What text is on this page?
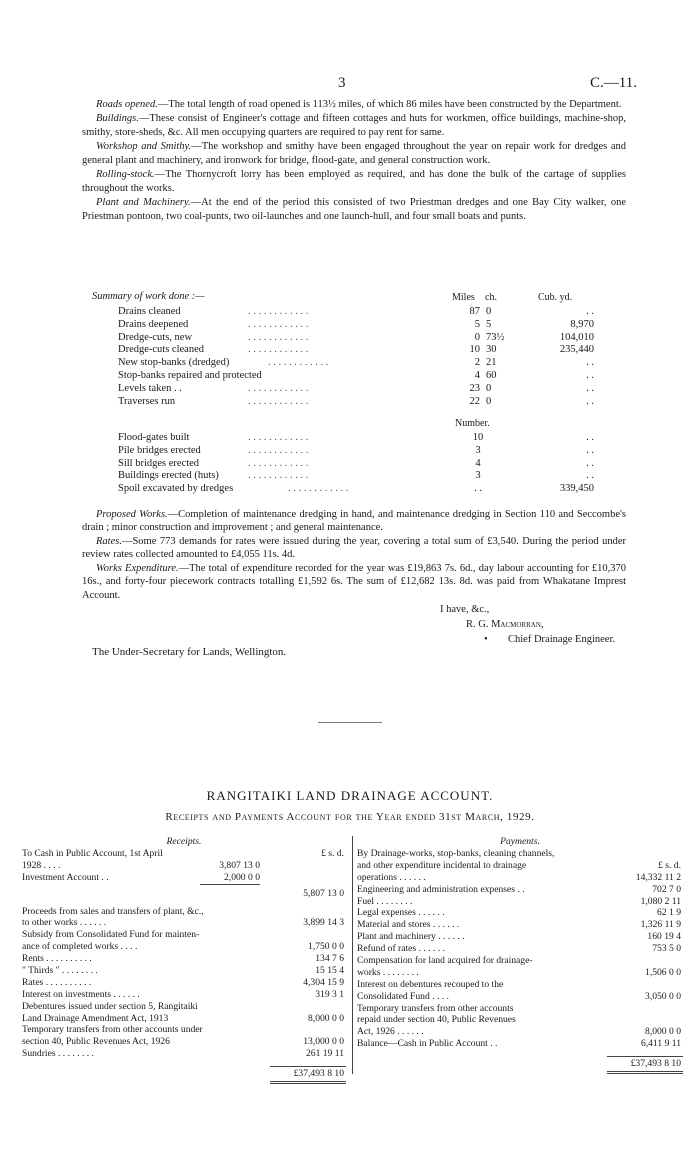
3	C.—11.

Roads opened.—The total length of road opened is 113½ miles, of which 86 miles have been constructed by the Department.

Buildings.—These consist of Engineer's cottage and fifteen cottages and huts for workmen, office buildings, machine-shop, smithy, store-sheds, &c. All men occupying quarters are required to pay rent for same.

Workshop and Smithy.—The workshop and smithy have been engaged throughout the year on repair work for dredges and general plant and machinery, and ironwork for bridge, flood-gate, and general construction work.

Rolling-stock.—The Thornycroft lorry has been employed as required, and has done the bulk of the cartage of supplies throughout the works.

Plant and Machinery.—At the end of the period this consisted of two Priestman dredges and one Bay City walker, one Priestman pontoon, two coal-punts, two oil-launches and one launch-hull, and four small boats and punts.

Summary of work done :—	Miles ch.	Cub. yd.
Drains cleaned	. . . . . . . . . . . .	87 0	. .
Drains deepened	. . . . . . . . . . . .	5 5	8,970
Dredge-cuts, new	. . . . . . . . . . . .	0 73½	104,010
Dredge-cuts cleaned	. . . . . . . . . . . .	10 30	235,440
New stop-banks (dredged)	. . . . . . . . . . . .	2 21	. .
Stop-banks repaired and protected	4 60	. .
Levels taken . .	. . . . . . . . . . . .	23 0	. .
Traverses run	. . . . . . . . . . . .	22 0	. .
Number.
Flood-gates built	. . . . . . . . . . . .	10	. .
Pile bridges erected	. . . . . . . . . . . .	3	. .
Sill bridges erected	. . . . . . . . . . . .	4	. .
Buildings erected (huts)	. . . . . . . . . . . .	3	. .
Spoil excavated by dredges	. . . . . . . . . . . .	. .	339,450

Proposed Works.—Completion of maintenance dredging in hand, and maintenance dredging in Section 110 and Seccombe's drain ; minor construction and improvement ; and general maintenance.

Rates.—Some 773 demands for rates were issued during the year, covering a total sum of £3,540. During the period under review rates collected amounted to £4,055 11s. 4d.

Works Expenditure.—The total of expenditure recorded for the year was £19,863 7s. 6d., day labour accounting for £10,370 16s., and forty-four piecework contracts totalling £1,592 6s. The sum of £12,682 13s. 8d. was paid from Whakatane Imprest Account.

I have, &c.,
R. G. Macmorran,
• Chief Drainage Engineer.
The Under-Secretary for Lands, Wellington.
RANGITAIKI LAND DRAINAGE ACCOUNT.
Receipts and Payments Account for the Year ended 31st March, 1929.
Receipts.
To Cash in Public Account, 1st April	£ s. d.
1928 . . . .	3,807 13 0
Investment Account . .	2,000 0 0
5,807 13 0
Proceeds from sales and transfers of plant, &c.,
to other works . . . . . .	3,899 14 3
Subsidy from Consolidated Fund for mainten-
ance of completed works . . . .	1,750 0 0
Rents . . . . . . . . . .	134 7 6
" Thirds " . . . . . . . .	15 15 4
Rates . . . . . . . . . .	4,304 15 9
Interest on investments . . . . . .	319 3 1
Debentures issued under section 5, Rangitaiki
Land Drainage Amendment Act, 1913	8,000 0 0
Temporary transfers from other accounts under
section 40, Public Revenues Act, 1926	13,000 0 0
Sundries . . . . . . . .	261 19 11
£37,493 8 10
Payments.
By Drainage-works, stop-banks, cleaning channels,
and other expenditure incidental to drainage	£ s. d.
operations . . . . . .	14,332 11 2
Engineering and administration expenses . .	702 7 0
Fuel . . . . . . . .	1,080 2 11
Legal expenses . . . . . .	62 1 9
Material and stores . . . . . .	1,326 11 9
Plant and machinery . . . . . .	160 19 4
Refund of rates . . . . . .	753 5 0
Compensation for land acquired for drainage-
works . . . . . . . .	1,506 0 0
Interest on debentures recouped to the
Consolidated Fund . . . .	3,050 0 0
Temporary transfers from other accounts
repaid under section 40, Public Revenues
Act, 1926 . . . . . .	8,000 0 0
Balance—Cash in Public Account . .	6,411 9 11
£37,493 8 10
